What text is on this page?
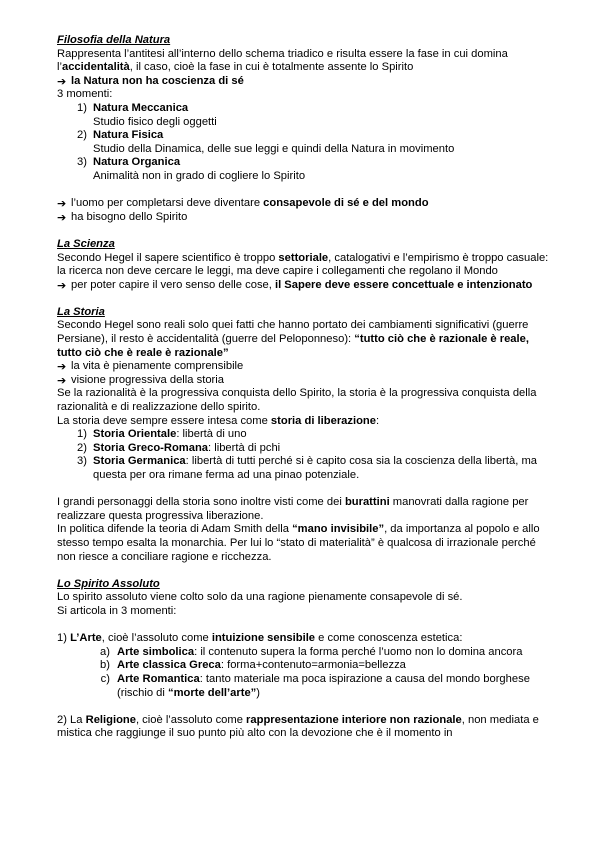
Filosofia della Natura

Rappresenta l’antitesi all’interno dello schema triadico e risulta essere la fase in cui domina l’accidentalità, il caso, cioè la fase in cui è totalmente assente lo Spirito

➔ la Natura non ha coscienza di sé

3 momenti:

1) Natura Meccanica
Studio fisico degli oggetti
2) Natura Fisica
Studio della Dinamica, delle sue leggi e quindi della Natura in movimento
3) Natura Organica
Animalità non in grado di cogliere lo Spirito
➔ l’uomo per completarsi deve diventare consapevole di sé e del mondo
➔ ha bisogno dello Spirito

La Scienza

Secondo Hegel il sapere scientifico è troppo settoriale, catalogativi e l’empirismo è troppo casuale: la ricerca non deve cercare le leggi, ma deve capire i collegamenti che regolano il Mondo

➔ per poter capire il vero senso delle cose, il Sapere deve essere concettuale e intenzionato

La Storia

Secondo Hegel sono reali solo quei fatti che hanno portato dei cambiamenti significativi (guerre Persiane), il resto è accidentalità (guerre del Peloponneso): “tutto ciò che è razionale è reale, tutto ciò che è reale è razionale”

➔ la vita è pienamente comprensibile
➔ visione progressiva della storia

Se la razionalità è la progressiva conquista dello Spirito, la storia è la progressiva conquista della razionalità e di realizzazione dello spirito.

La storia deve sempre essere intesa come storia di liberazione:

1) Storia Orientale: libertà di uno
2) Storia Greco-Romana: libertà di pchi
3) Storia Germanica: libertà di tutti perché si è capito cosa sia la coscienza della libertà, ma questa per ora rimane ferma ad una pinao potenziale.

I grandi personaggi della storia sono inoltre visti come dei burattini manovrati dalla ragione per realizzare questa progressiva liberazione.

In politica difende la teoria di Adam Smith della “mano invisibile”, da importanza al popolo e allo stesso tempo esalta la monarchia. Per lui lo “stato di materialità” è qualcosa di irrazionale perché non riesce a conciliare ragione e ricchezza.

Lo Spirito Assoluto

Lo spirito assoluto viene colto solo da una ragione pienamente consapevole di sé.

Si articola in 3 momenti:

1) L’Arte, cioè l’assoluto come intuizione sensibile e come conoscenza estetica:

a) Arte simbolica: il contenuto supera la forma perché l’uomo non lo domina ancora
b) Arte classica Greca: forma+contenuto=armonia=bellezza
c) Arte Romantica: tanto materiale ma poca ispirazione a causa del mondo borghese (rischio di “morte dell’arte”)

2) La Religione, cioè l’assoluto come rappresentazione interiore non razionale, non mediata e mistica che raggiunge il suo punto più alto con la devozione che è il momento in
